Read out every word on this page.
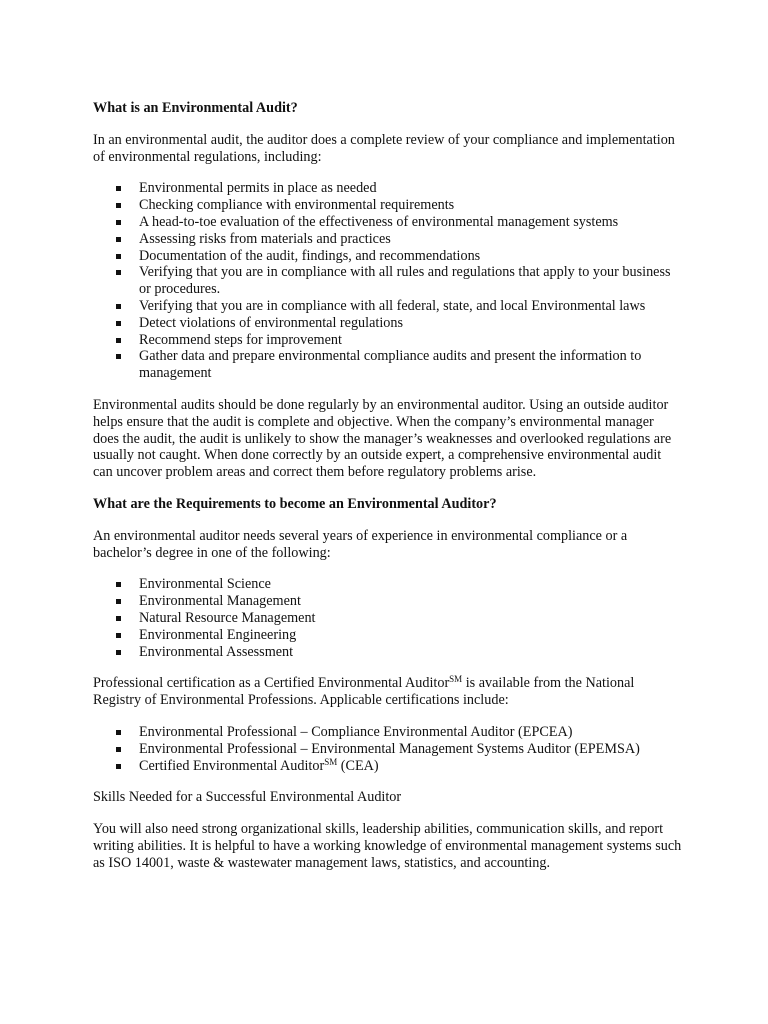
What is an Environmental Audit?

In an environmental audit, the auditor does a complete review of your compliance and implementation of environmental regulations, including:

Environmental permits in place as needed
Checking compliance with environmental requirements
A head-to-toe evaluation of the effectiveness of environmental management systems
Assessing risks from materials and practices
Documentation of the audit, findings, and recommendations
Verifying that you are in compliance with all rules and regulations that apply to your business or procedures.
Verifying that you are in compliance with all federal, state, and local Environmental laws
Detect violations of environmental regulations
Recommend steps for improvement
Gather data and prepare environmental compliance audits and present the information to management

Environmental audits should be done regularly by an environmental auditor. Using an outside auditor helps ensure that the audit is complete and objective. When the company’s environmental manager does the audit, the audit is unlikely to show the manager’s weaknesses and overlooked regulations are usually not caught. When done correctly by an outside expert, a comprehensive environmental audit can uncover problem areas and correct them before regulatory problems arise.

What are the Requirements to become an Environmental Auditor?

An environmental auditor needs several years of experience in environmental compliance or a bachelor’s degree in one of the following:

Environmental Science
Environmental Management
Natural Resource Management
Environmental Engineering
Environmental Assessment

Professional certification as a Certified Environmental Auditor℠ is available from the National Registry of Environmental Professions. Applicable certifications include:

Environmental Professional – Compliance Environmental Auditor (EPCEA)
Environmental Professional – Environmental Management Systems Auditor (EPEMSA)
Certified Environmental Auditor℠ (CEA)

Skills Needed for a Successful Environmental Auditor

You will also need strong organizational skills, leadership abilities, communication skills, and report writing abilities. It is helpful to have a working knowledge of environmental management systems such as ISO 14001, waste & wastewater management laws, statistics, and accounting.
